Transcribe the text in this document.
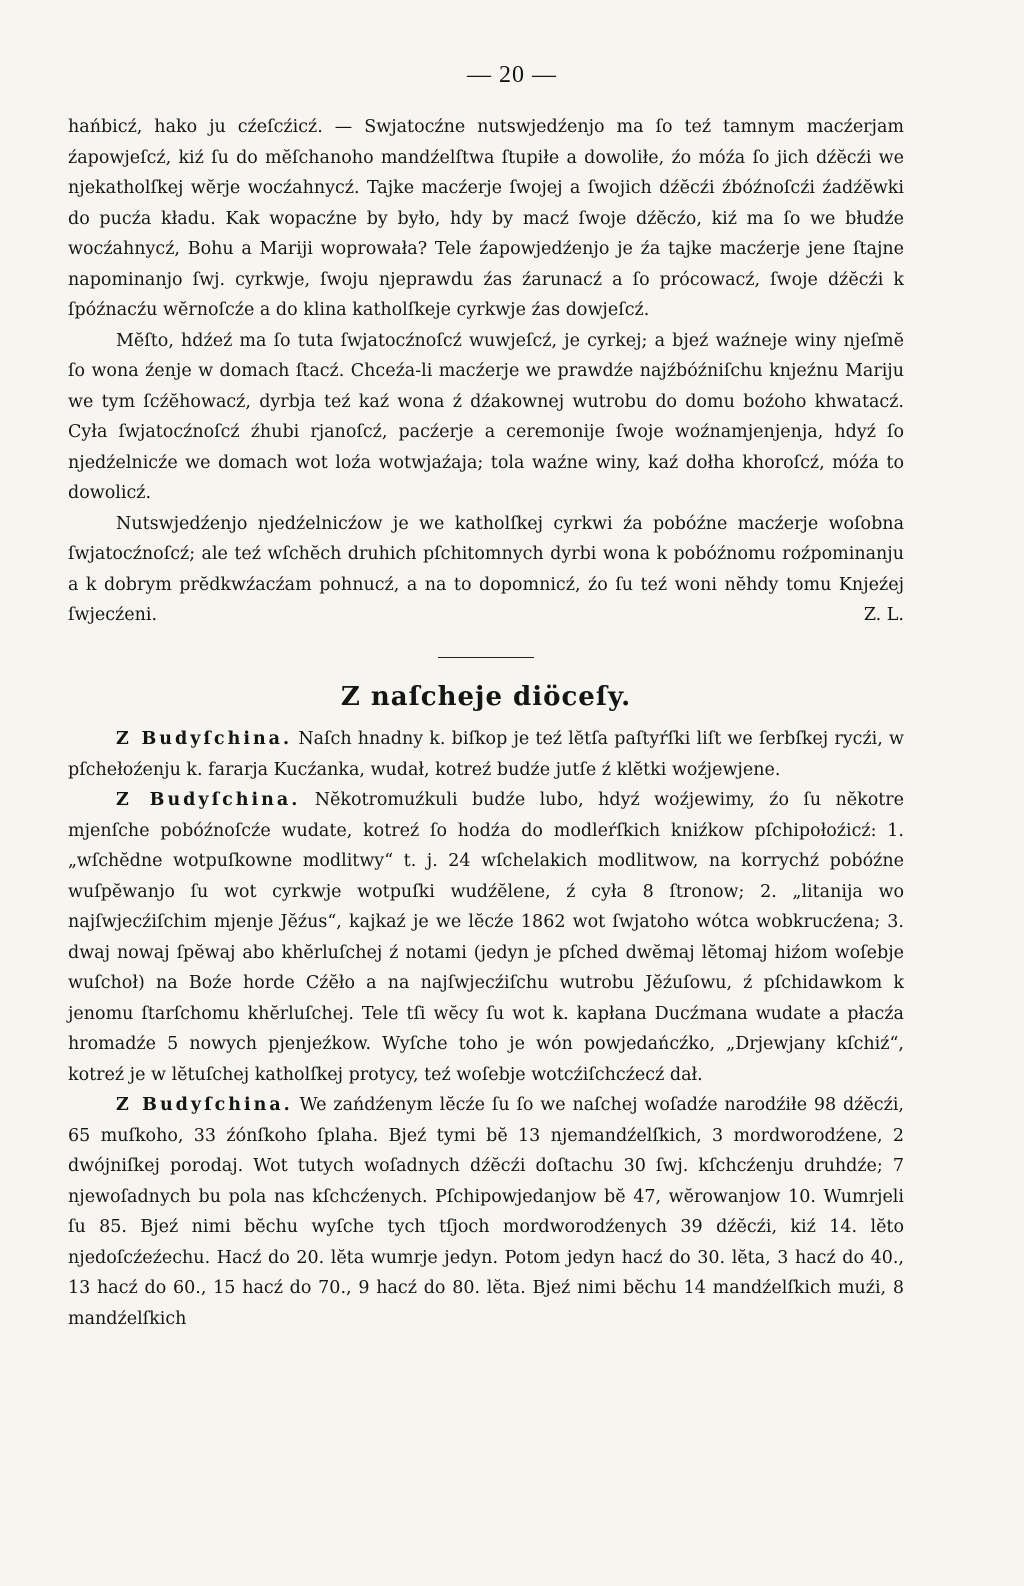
— 20 —

hańbicź, hako ju cźeſcźicź. — Swjatocźne nutswjedźenjo ma ſo teź tamnym macźerjam źapowjeſcź, kiź ſu do mĕſchanoho mandźelſtwa ſtupiłe a dowoliłe, źo móźa ſo jich dźĕcźi we njekatholſkej wĕrje wocźahnycź. Tajke macźerje ſwojej a ſwojich dźĕcźi źbóźnoſcźi źadźĕwki do pucźa kładu. Kak wopacźne by było, hdy by macź ſwoje dźĕcźo, kiź ma ſo we błudźe wocźahnycź, Bohu a Mariji woprowała? Tele źapowjedźenjo je źa tajke macźerje jene ſtajne napominanjo ſwj. cyrkwje, ſwoju njeprawdu źas źarunacź a ſo prócowacź, ſwoje dźĕcźi k ſpóźnacźu wĕrnoſcźe a do klina katholſkeje cyrkwje źas dowjeſcź.

Mĕſto, hdźeź ma ſo tuta ſwjatocźnoſcź wuwjeſcź, je cyrkej; a bjeź waźneje winy njeſmĕ ſo wona źenje w domach ſtacź. Chceźa-li macźerje we prawdźe najźbóźniſchu knjeźnu Mariju we tym ſcźĕhowacź, dyrbja teź kaź wona ź dźakownej wutrobu do domu boźoho khwatacź. Cyła ſwjatocźnoſcź źhubi rjanoſcź, pacźerje a ceremonije ſwoje woźnamjenjenja, hdyź ſo njedźelnicźe we domach wot loźa wotwjaźaja; tola waźne winy, kaź dołha khoroſcź, móźa to dowolicź.

Nutswjedźenjo njedźelnicźow je we katholſkej cyrkwi źa pobóźne macźerje woſobna ſwjatocźnoſcź; ale teź wſchĕch druhich pſchitomnych dyrbi wona k pobóźnomu roźpominanju a k dobrym prĕdkwźacźam pohnucź, a na to dopomnicź, źo ſu teź woni nĕhdy tomu Knjeźej ſwjecźeni.	Z. L.

Z naſcheje diöceſy.

Z Budyſchina. Naſch hnadny k. biſkop je teź lĕtſa paſtyŕſki liſt we ſerbſkej rycźi, w pſchełoźenju k. fararja Kucźanka, wudał, kotreź budźe jutſe ź klĕtki woźjewjene.

Z Budyſchina. Nĕkotromuźkuli budźe lubo, hdyź woźjewimy, źo ſu nĕkotre mjenſche pobóźnoſcźe wudate, kotreź ſo hodźa do modleŕſkich kniźkow pſchipołoźicź: 1. „wſchĕdne wotpuſkowne modlitwy“ t. j. 24 wſchelakich modlitwow, na korrychź pobóźne wuſpĕwanjo ſu wot cyrkwje wotpuſki wudźĕlene, ź cyła 8 ſtronow; 2. „litanija wo najſwjecźiſchim mjenje Jĕźus“, kajkaź je we lĕcźe 1862 wot ſwjatoho wótca wobkrucźena; 3. dwaj nowaj ſpĕwaj abo khĕrluſchej ź notami (jedyn je pſched dwĕmaj lĕtomaj hiźom woſebje wuſchoł) na Boźe horde Cźĕło a na najſwjecźiſchu wutrobu Jĕźuſowu, ź pſchidawkom k jenomu ſtarſchomu khĕrluſchej. Tele tſi wĕcy ſu wot k. kapłana Ducźmana wudate a płacźa hromadźe 5 nowych pjenjeźkow. Wyſche toho je wón powjedańcźko, „Drjewjany kſchiź“, kotreź je w lĕtuſchej katholſkej protycy, teź woſebje wotcźiſchcźecź dał.

Z Budyſchina. We zańdźenym lĕcźe ſu ſo we naſchej woſadźe narodźiłe 98 dźĕcźi, 65 muſkoho, 33 źónſkoho ſplaha. Bjeź tymi bĕ 13 njemandźelſkich, 3 mordworodźene, 2 dwójniſkej porodaj. Wot tutych woſadnych dźĕcźi doſtachu 30 ſwj. kſchcźenju druhdźe; 7 njewoſadnych bu pola nas kſchcźenych. Pſchipowjedanjow bĕ 47, wĕrowanjow 10. Wumrjeli ſu 85. Bjeź nimi bĕchu wyſche tych tſjoch mordworodźenych 39 dźĕcźi, kiź 14. lĕto njedoſcźeźechu. Hacź do 20. lĕta wumrje jedyn. Potom jedyn hacź do 30. lĕta, 3 hacź do 40., 13 hacź do 60., 15 hacź do 70., 9 hacź do 80. lĕta. Bjeź nimi bĕchu 14 mandźelſkich muźi, 8 mandźelſkich
